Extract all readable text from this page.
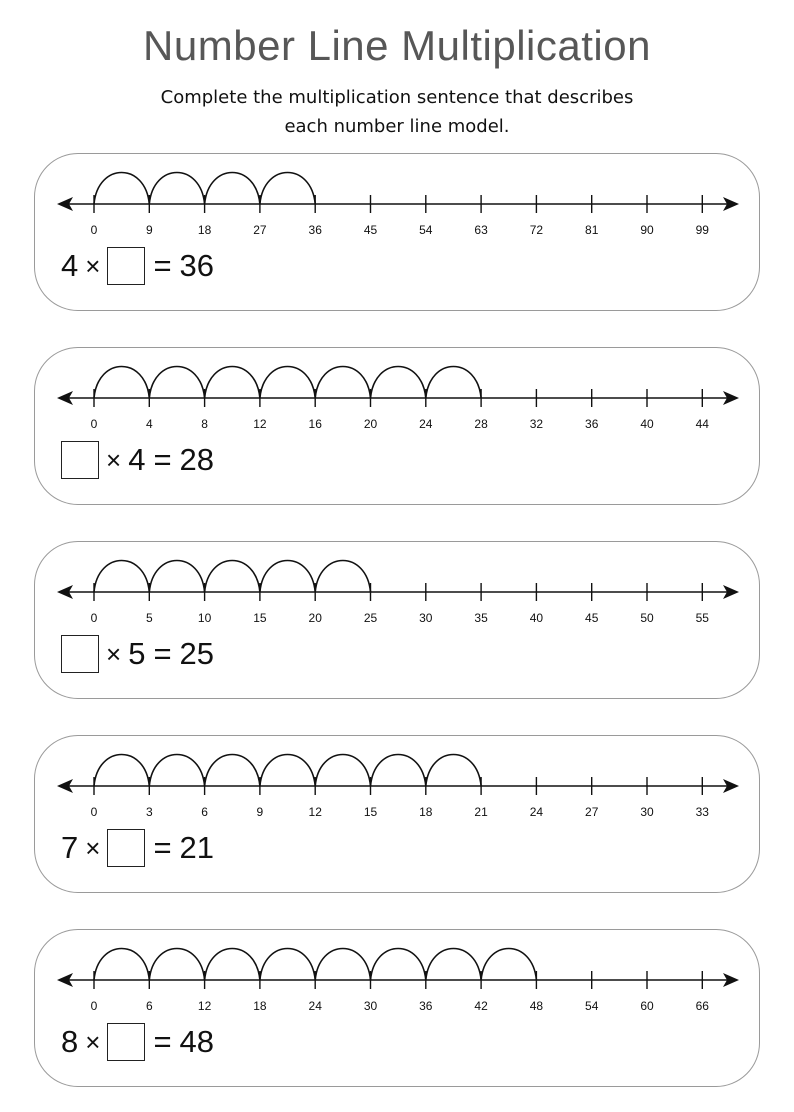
Number Line Multiplication
Complete the multiplication sentence that describes
each number line model.
0	9	18	27	36	45	54	63	72	81	90	99
4 × = 36
0	4	8	12	16	20	24	28	32	36	40	44
× 4 = 28
0	5	10	15	20	25	30	35	40	45	50	55
× 5 = 25
0	3	6	9	12	15	18	21	24	27	30	33
7 × = 21
0	6	12	18	24	30	36	42	48	54	60	66
8 × = 48
